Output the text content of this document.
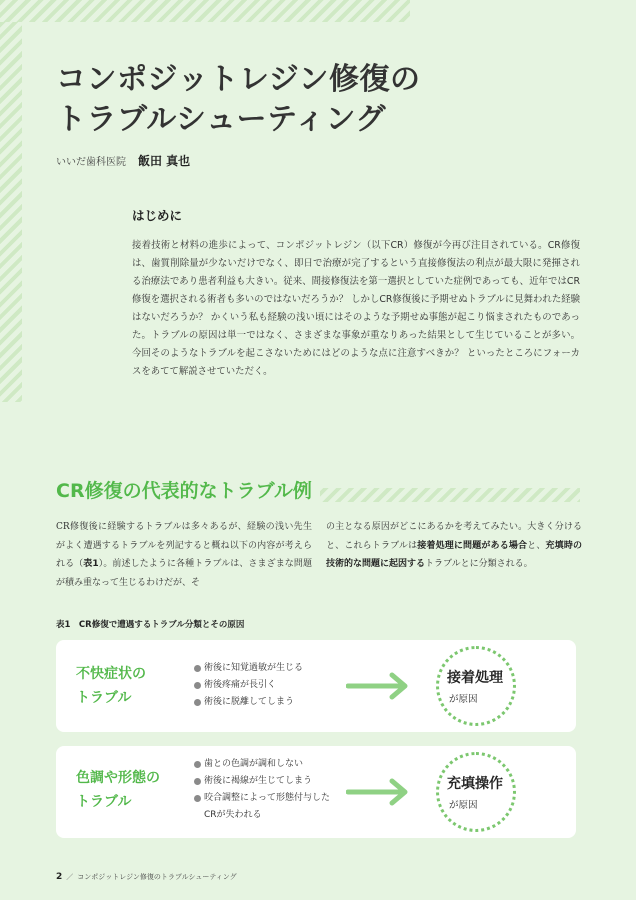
コンポジットレジン修復の
トラブルシューティング
いいだ歯科医院 飯田 真也
はじめに

接着技術と材料の進歩によって、コンポジットレジン（以下CR）修復が今再び注目されている。CR修復は、歯質削除量が少ないだけでなく、即日で治療が完了するという直接修復法の利点が最大限に発揮される治療法であり患者利益も大きい。従来、間接修復法を第一選択としていた症例であっても、近年ではCR修復を選択される術者も多いのではないだろうか？ しかしCR修復後に予期せぬトラブルに見舞われた経験はないだろうか？ かくいう私も経験の浅い頃にはそのような予期せぬ事態が起こり悩まされたものであった。トラブルの原因は単一ではなく、さまざまな事象が重なりあった結果として生じていることが多い。今回そのようなトラブルを起こさないためにはどのような点に注意すべきか？ といったところにフォーカスをあてて解説させていただく。

CR修復の代表的なトラブル例

CR修復後に経験するトラブルは多々あるが、経験の浅い先生がよく遭遇するトラブルを列記すると概ね以下の内容が考えられる（表1）。前述したように各種トラブルは、さまざまな問題が積み重なって生じるわけだが、そ

の主となる原因がどこにあるかを考えてみたい。大きく分けると、これらトラブルは接着処理に問題がある場合と、充填時の技術的な問題に起因するトラブルとに分類される。

表1　CR修復で遭遇するトラブル分類とその原因
不快症状の
トラブル
術後に知覚過敏が生じる
術後疼痛が長引く
術後に脱離してしまう
接着処理
が原因
色調や形態の
トラブル
歯との色調が調和しない
術後に褐線が生じてしまう
咬合調整によって形態付与した
CRが失われる
充填操作
が原因
2 ／ コンポジットレジン修復のトラブルシューティング
